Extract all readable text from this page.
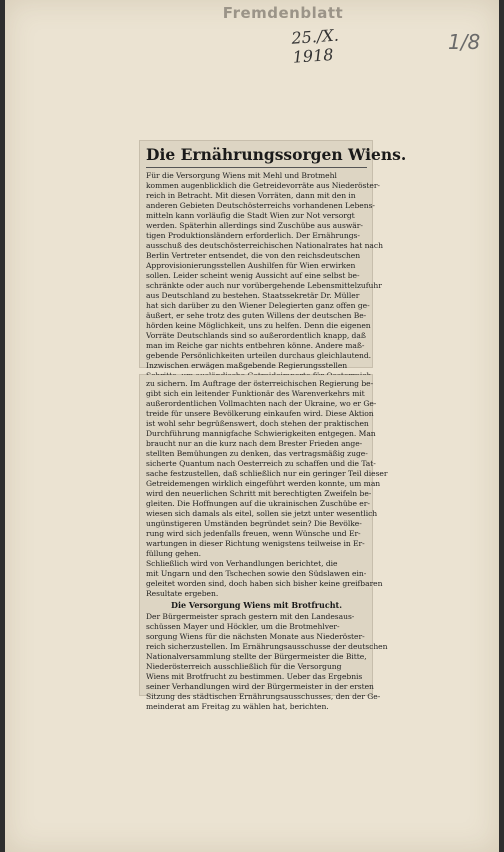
Fremdenblatt
25./X. 1918
1/8
Die Ernährungssorgen Wiens.
Für die Versorgung Wiens mit Mehl und Brotmehl
kommen augenblicklich die Getreidevorräte aus Niederöster-
reich in Betracht. Mit diesen Vorräten, dann mit den in
anderen Gebieten Deutschösterreichs vorhandenen Lebens-
mitteln kann vorläufig die Stadt Wien zur Not versorgt
werden. Späterhin allerdings sind Zuschübe aus auswär-
tigen Produktionsländern erforderlich. Der Ernährungs-
ausschuß des deutschösterreichischen Nationalrates hat nach
Berlin Vertreter entsendet, die von den reichsdeutschen
Approvisionierungsstellen Aushilfen für Wien erwirken
sollen. Leider scheint wenig Aussicht auf eine selbst be-
schränkte oder auch nur vorübergehende Lebensmittelzufuhr
aus Deutschland zu bestehen. Staatssekretär Dr. Müller
hat sich darüber zu den Wiener Delegierten ganz offen ge-
äußert, er sehe trotz des guten Willens der deutschen Be-
hörden keine Möglichkeit, uns zu helfen. Denn die eigenen
Vorräte Deutschlands sind so außerordentlich knapp, daß
man im Reiche gar nichts entbehren könne. Andere maß-
gebende Persönlichkeiten urteilen durchaus gleichlautend.
Inzwischen erwägen maßgebende Regierungsstellen
zu sichern. Im Auftrage der österreichischen Regierung be-
gibt sich ein leitender Funktionär des Warenverkehrs mit
außerordentlichen Vollmachten nach der Ukraine, wo er Ge-
treide für unsere Bevölkerung einkaufen wird. Diese Aktion
ist wohl sehr begrüßenswert, doch stehen der praktischen
Durchführung mannigfache Schwierigkeiten entgegen. Man
braucht nur an die kurz nach dem Brester Frieden ange-
stellten Bemühungen zu denken, das vertragsmäßig zuge-
sicherte Quantum nach Oesterreich zu schaffen und die Tat-
sache festzustellen, daß schließlich nur ein geringer Teil dieser
Getreidemengen wirklich eingeführt werden konnte, um man
wird den neuerlichen Schritt mit berechtigten Zweifeln be-
gleiten. Die Hoffnungen auf die ukrainischen Zuschübe er-
wiesen sich damals als eitel, sollen sie jetzt unter wesentlich
ungünstigeren Umständen begründet sein? Die Bevölke-
rung wird sich jedenfalls freuen, wenn Wünsche und Er-
wartungen in dieser Richtung wenigstens teilweise in Er-
füllung gehen.
Schließlich wird von Verhandlungen berichtet, die
mit Ungarn und den Tschechen sowie den Südslawen ein-
geleitet worden sind, doch haben sich bisher keine greifbaren
Resultate ergeben.
Die Versorgung Wiens mit Brotfrucht.
Der Bürgermeister sprach gestern mit den Landesaus-
schüssen Mayer und Höckler, um die Brotmehlver-
sorgung Wiens für die nächsten Monate aus Niederöster-
reich sicherzustellen. Im Ernährungsausschusse der deutschen
Nationalversammlung stellte der Bürgermeister die Bitte,
Niederösterreich ausschließlich für die Versorgung
Wiens mit Brotfrucht zu bestimmen. Ueber das Ergebnis
seiner Verhandlungen wird der Bürgermeister in der ersten
Sitzung des städtischen Ernährungsausschusses, den der Ge-
meinderat am Freitag zu wählen hat, berichten.
